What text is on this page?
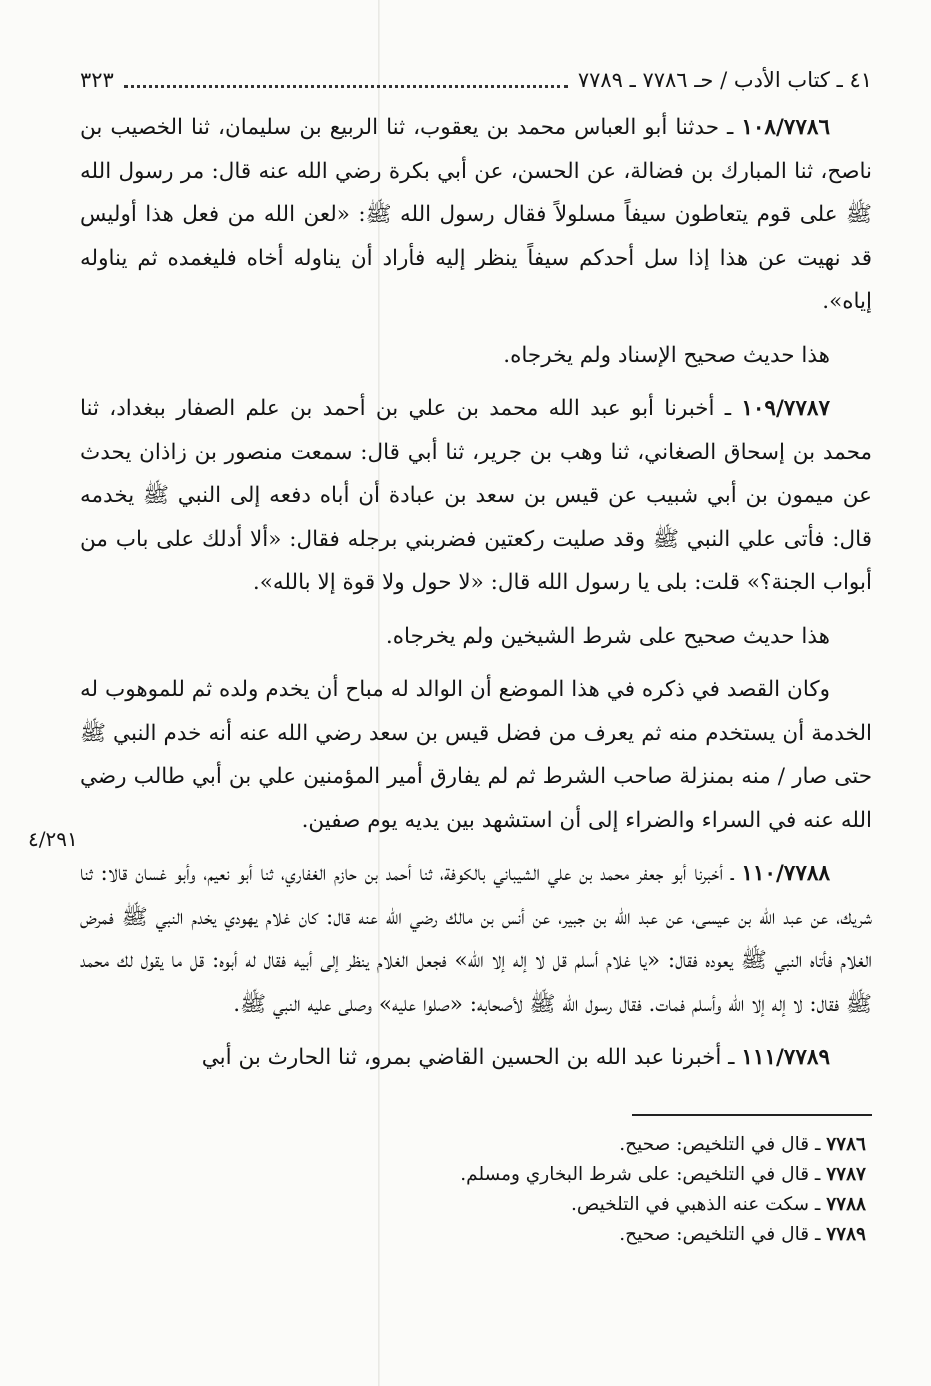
٤١ ـ كتاب الأدب / حـ ٧٧٨٦ ـ ٧٧٨٩
٣٢٣
٤/٢٩١

١٠٨/٧٧٨٦ ـ حدثنا أبو العباس محمد بن يعقوب، ثنا الربيع بن سليمان، ثنا الخصيب بن ناصح، ثنا المبارك بن فضالة، عن الحسن، عن أبي بكرة رضي الله عنه قال: مر رسول الله ﷺ على قوم يتعاطون سيفاً مسلولاً فقال رسول الله ﷺ: «لعن الله من فعل هذا أوليس قد نهيت عن هذا إذا سل أحدكم سيفاً ينظر إليه فأراد أن يناوله أخاه فليغمده ثم يناوله إياه».

هذا حديث صحيح الإسناد ولم يخرجاه.

١٠٩/٧٧٨٧ ـ أخبرنا أبو عبد الله محمد بن علي بن أحمد بن علم الصفار ببغداد، ثنا محمد بن إسحاق الصغاني، ثنا وهب بن جرير، ثنا أبي قال: سمعت منصور بن زاذان يحدث عن ميمون بن أبي شبيب عن قيس بن سعد بن عبادة أن أباه دفعه إلى النبي ﷺ يخدمه قال: فأتى علي النبي ﷺ وقد صليت ركعتين فضربني برجله فقال: «ألا أدلك على باب من أبواب الجنة؟» قلت: بلى يا رسول الله قال: «لا حول ولا قوة إلا بالله».

هذا حديث صحيح على شرط الشيخين ولم يخرجاه.

وكان القصد في ذكره في هذا الموضع أن الوالد له مباح أن يخدم ولده ثم للموهوب له الخدمة أن يستخدم منه ثم يعرف من فضل قيس بن سعد رضي الله عنه أنه خدم النبي ﷺ حتى صار / منه بمنزلة صاحب الشرط ثم لم يفارق أمير المؤمنين علي بن أبي طالب رضي الله عنه في السراء والضراء إلى أن استشهد بين يديه يوم صفين.

١١٠/٧٧٨٨ ـ أخبرنا أبو جعفر محمد بن علي الشيباني بالكوفة، ثنا أحمد بن حازم الغفاري، ثنا أبو نعيم، وأبو غسان قالا: ثنا شريك، عن عبد الله بن عيسى، عن عبد الله بن جبير، عن أنس بن مالك رضي الله عنه قال: كان غلام يهودي يخدم النبي ﷺ فمرض الغلام فأتاه النبي ﷺ يعوده فقال: «يا غلام أسلم قل لا إله إلا الله» فجعل الغلام ينظر إلى أبيه فقال له أبوه: قل ما يقول لك محمد ﷺ فقال: لا إله إلا الله وأسلم فمات. فقال رسول الله ﷺ لأصحابه: «صلوا عليه» وصلى عليه النبي ﷺ.

١١١/٧٧٨٩ ـ أخبرنا عبد الله بن الحسين القاضي بمرو، ثنا الحارث بن أبي

٧٧٨٦ ـ قال في التلخيص: صحيح.
٧٧٨٧ ـ قال في التلخيص: على شرط البخاري ومسلم.
٧٧٨٨ ـ سكت عنه الذهبي في التلخيص.
٧٧٨٩ ـ قال في التلخيص: صحيح.
